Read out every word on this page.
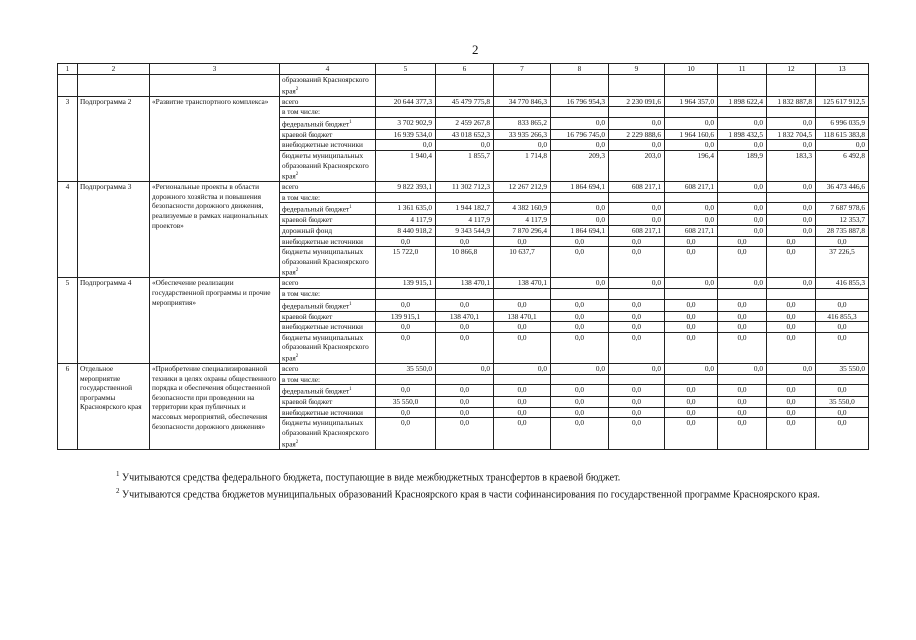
2
1	2	3	4	5	6	7	8	9	10	11	12	13
			образований Красноярского края$^2$									
3	Подпрограмма 2	«Развитие транспортного комплекса»	всего	20 644 377,3	45 479 775,8	34 770 846,3	16 796 954,3	2 230 091,6	1 964 357,0	1 898 622,4	1 832 887,8	125 617 912,5
			в том числе:									
			федеральный бюджет$^1$	3 702 902,9	2 459 267,8	833 865,2	0,0	0,0	0,0	0,0	0,0	6 996 035,9
			краевой бюджет	16 939 534,0	43 018 652,3	33 935 266,3	16 796 745,0	2 229 888,6	1 964 160,6	1 898 432,5	1 832 704,5	118 615 383,8
			внебюджетные источники	0,0	0,0	0,0	0,0	0,0	0,0	0,0	0,0	0,0
			бюджеты муниципальных образований Красноярского края$^2$	1 940,4	1 855,7	1 714,8	209,3	203,0	196,4	189,9	183,3	6 492,8
4	Подпрограмма 3	«Региональные проекты в области дорожного хозяйства и повышения безопасности дорожного движения, реализуемые в рамках национальных проектов»	всего	9 822 393,1	11 302 712,3	12 267 212,9	1 864 694,1	608 217,1	608 217,1	0,0	0,0	36 473 446,6
			в том числе:									
			федеральный бюджет$^1$	1 361 635,0	1 944 182,7	4 382 160,9	0,0	0,0	0,0	0,0	0,0	7 687 978,6
			краевой бюджет	4 117,9	4 117,9	4 117,9	0,0	0,0	0,0	0,0	0,0	12 353,7
			дорожный фонд	8 440 918,2	9 343 544,9	7 870 296,4	1 864 694,1	608 217,1	608 217,1	0,0	0,0	28 735 887,8
			внебюджетные источники	0,0	0,0	0,0	0,0	0,0	0,0	0,0	0,0	0,0
			бюджеты муниципальных образований Красноярского края$^2$	15 722,0	10 866,8	10 637,7	0,0	0,0	0,0	0,0	0,0	37 226,5
5	Подпрограмма 4	«Обеспечение реализации государственной программы и прочие мероприятия»	всего	139 915,1	138 470,1	138 470,1	0,0	0,0	0,0	0,0	0,0	416 855,3
			в том числе:									
			федеральный бюджет$^1$	0,0	0,0	0,0	0,0	0,0	0,0	0,0	0,0	0,0
			краевой бюджет	139 915,1	138 470,1	138 470,1	0,0	0,0	0,0	0,0	0,0	416 855,3
			внебюджетные источники	0,0	0,0	0,0	0,0	0,0	0,0	0,0	0,0	0,0
			бюджеты муниципальных образований Красноярского края$^2$	0,0	0,0	0,0	0,0	0,0	0,0	0,0	0,0	0,0
6	Отдельное мероприятие государственной программы Красноярского края	«Приобретение специализированной техники в целях охраны общественного порядка и обеспечения общественной безопасности при проведении на территории края публичных и массовых мероприятий, обеспечения безопасности дорожного движения»	всего	35 550,0	0,0	0,0	0,0	0,0	0,0	0,0	0,0	35 550,0
			в том числе:									
			федеральный бюджет$^1$	0,0	0,0	0,0	0,0	0,0	0,0	0,0	0,0	0,0
			краевой бюджет	35 550,0	0,0	0,0	0,0	0,0	0,0	0,0	0,0	35 550,0
			внебюджетные источники	0,0	0,0	0,0	0,0	0,0	0,0	0,0	0,0	0,0
			бюджеты муниципальных образований Красноярского края$^2$	0,0	0,0	0,0	0,0	0,0	0,0	0,0	0,0	0,0

$^1$ Учитываются средства федерального бюджета, поступающие в виде межбюджетных трансфертов в краевой бюджет.

$^2$ Учитываются средства бюджетов муниципальных образований Красноярского края в части софинансирования по государственной программе Красноярского края.
